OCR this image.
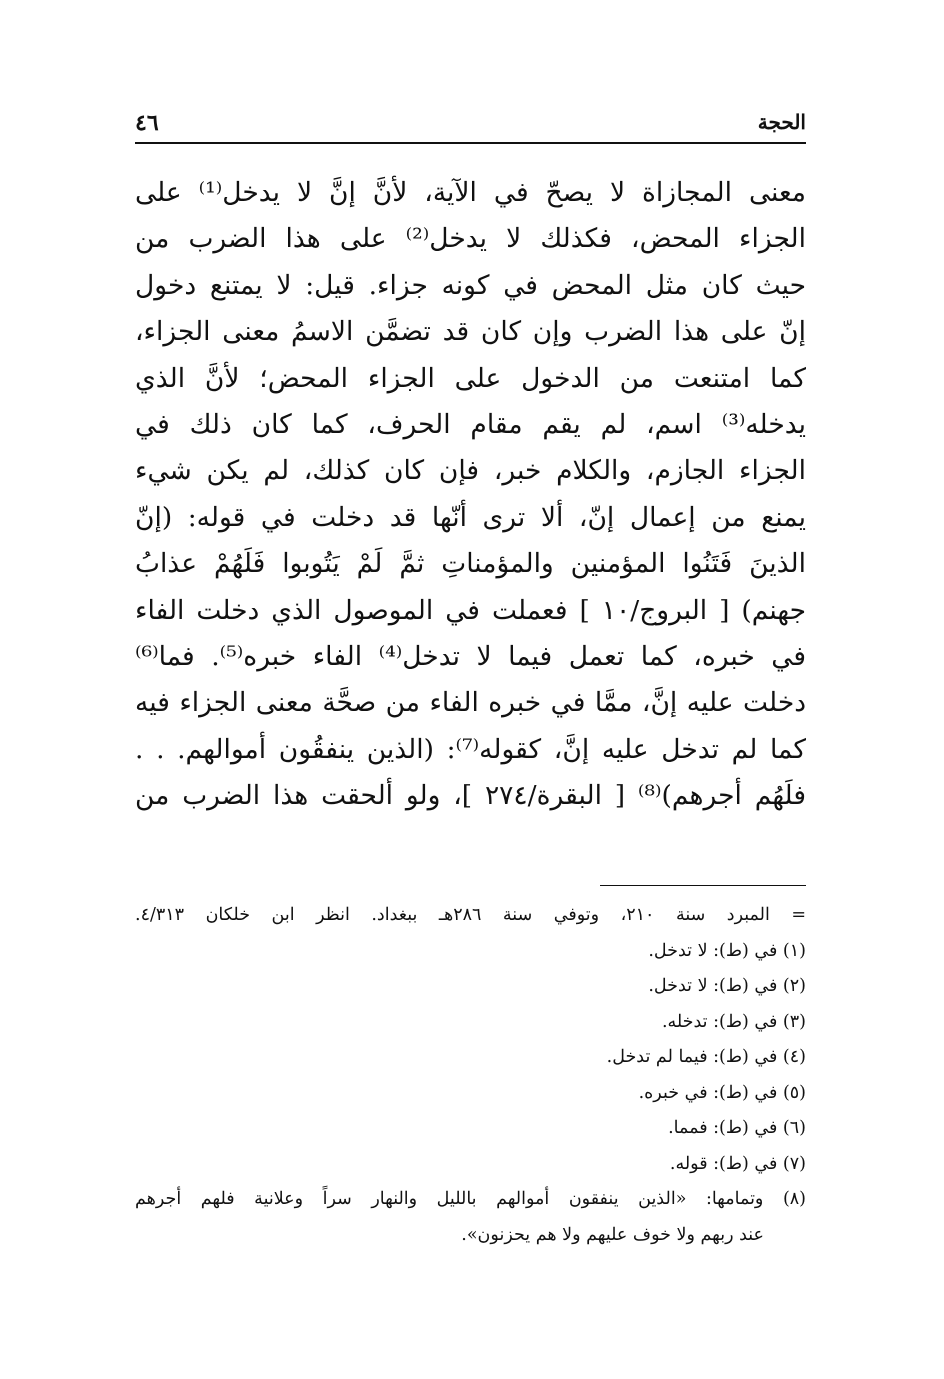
الحجة
٤٦
معنى المجازاة لا يصحّ في الآية، لأنَّ إنَّ لا يدخل⁽¹⁾ على
الجزاء المحض، فكذلك لا يدخل⁽²⁾ على هذا الضرب من
حيث كان مثل المحض في كونه جزاء. قيل: لا يمتنع دخول
إنّ على هذا الضرب وإن كان قد تضمَّن الاسمُ معنى الجزاء،
كما امتنعت من الدخول على الجزاء المحض؛ لأنَّ الذي
يدخله⁽³⁾ اسم، لم يقم مقام الحرف، كما كان ذلك في
الجزاء الجازم، والكلام خبر، فإن كان كذلك، لم يكن شيء
يمنع من إعمال إنّ، ألا ترى أنّها قد دخلت في قوله: (إنّ
الذينَ فَتَنُوا المؤمنين والمؤمناتِ ثمَّ لَمْ يَتُوبوا فَلَهُمْ عذابُ
جهنم) [ البروج/١٠ ] فعملت في الموصول الذي دخلت الفاء
في خبره، كما تعمل فيما لا تدخل⁽⁴⁾ الفاء خبره⁽⁵⁾. فما⁽⁶⁾
دخلت عليه إنَّ، ممَّا في خبره الفاء من صحَّة معنى الجزاء فيه
كما لم تدخل عليه إنَّ، كقوله⁽⁷⁾: (الذين ينفقُون أموالهم. . .
فلَهُم أجرهم)⁽⁸⁾ [ البقرة/٢٧٤ ]، ولو ألحقت هذا الضرب من
= المبرد سنة ٢١٠، وتوفي سنة ٢٨٦هـ ببغداد. انظر ابن خلكان ٤/٣١٣.
(١) في (ط): لا تدخل.
(٢) في (ط): لا تدخل.
(٣) في (ط): تدخله.
(٤) في (ط): فيما لم تدخل.
(٥) في (ط): في خبره.
(٦) في (ط): فمما.
(٧) في (ط): قوله.
(٨) وتمامها: «الذين ينفقون أموالهم بالليل والنهار سراً وعلانية فلهم أجرهم
عند ربهم ولا خوف عليهم ولا هم يحزنون».
